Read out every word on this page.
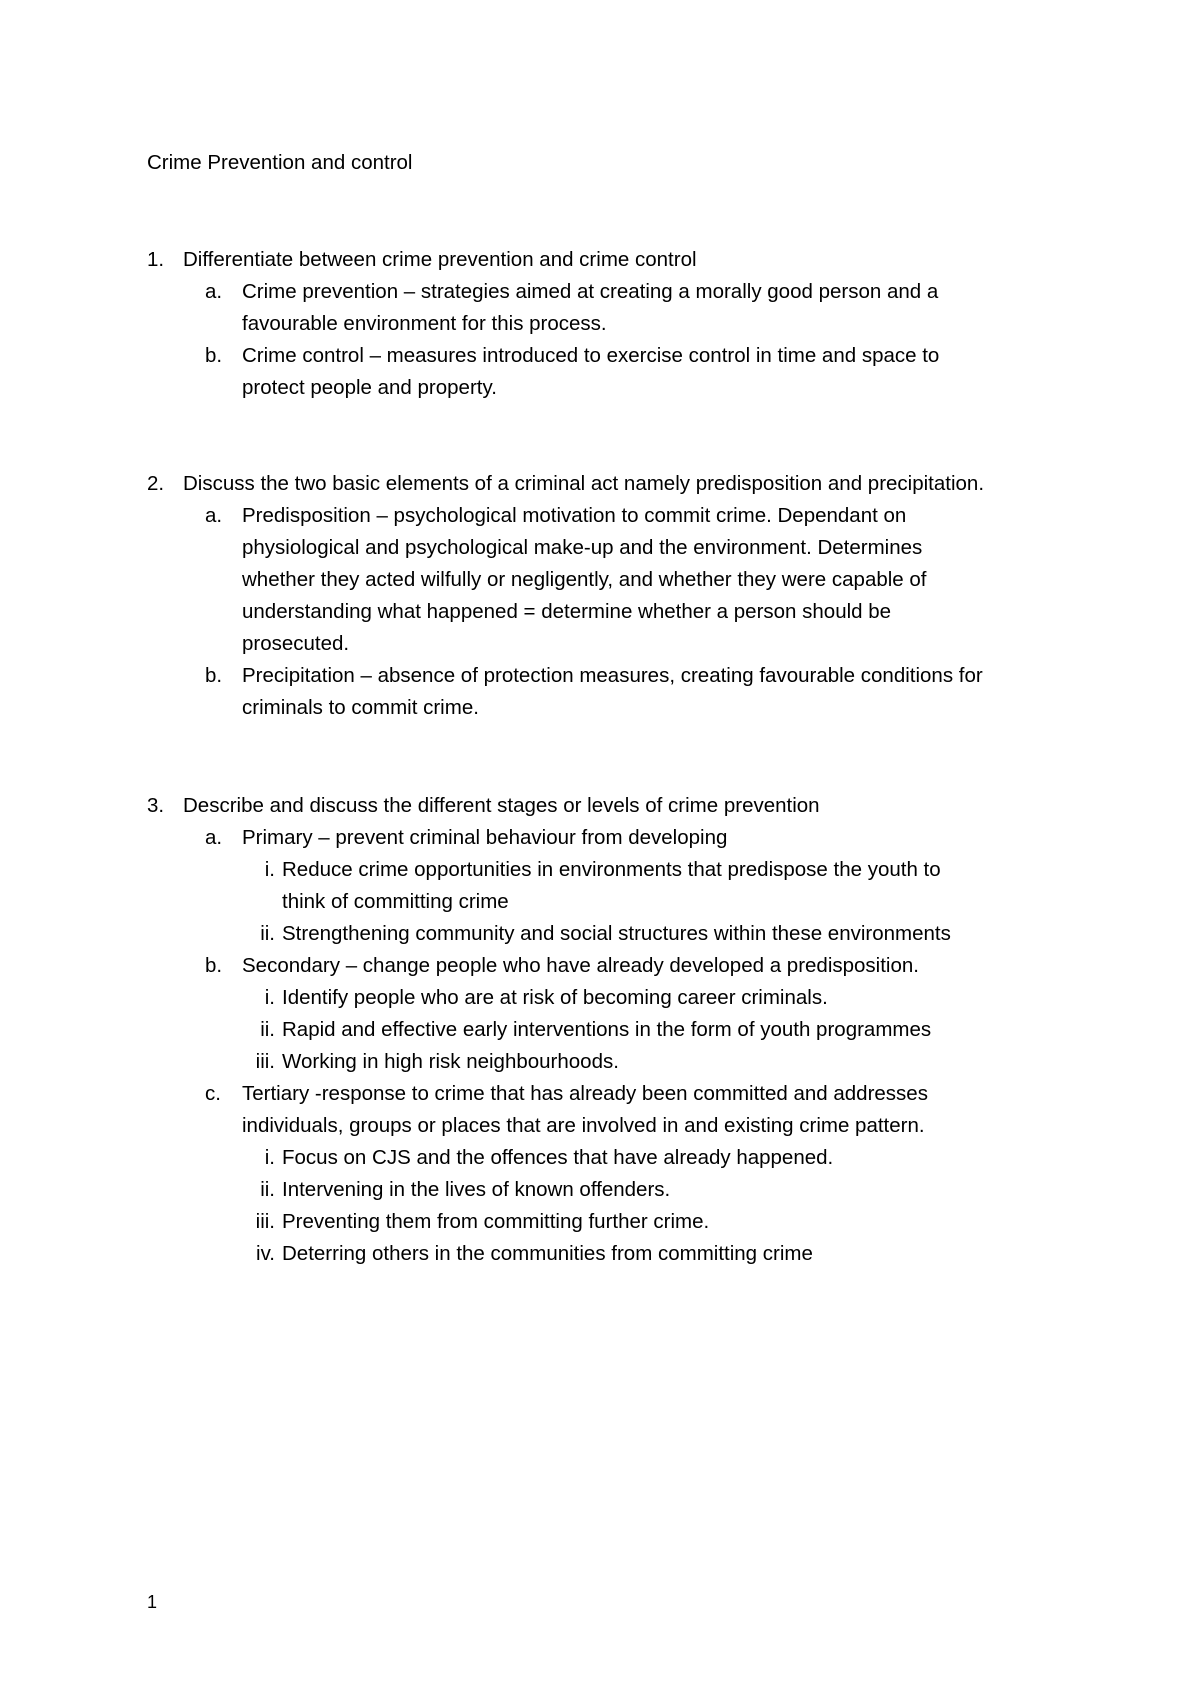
Crime Prevention and control
1. Differentiate between crime prevention and crime control
a. Crime prevention – strategies aimed at creating a morally good person and a
favourable environment for this process.
b. Crime control – measures introduced to exercise control in time and space to
protect people and property.
2. Discuss the two basic elements of a criminal act namely predisposition and precipitation.
a. Predisposition – psychological motivation to commit crime. Dependant on
physiological and psychological make-up and the environment. Determines
whether they acted wilfully or negligently, and whether they were capable of
understanding what happened = determine whether a person should be
prosecuted.
b. Precipitation – absence of protection measures, creating favourable conditions for
criminals to commit crime.
3. Describe and discuss the different stages or levels of crime prevention
a. Primary – prevent criminal behaviour from developing
i. Reduce crime opportunities in environments that predispose the youth to
think of committing crime
ii. Strengthening community and social structures within these environments
b. Secondary – change people who have already developed a predisposition.
i. Identify people who are at risk of becoming career criminals.
ii. Rapid and effective early interventions in the form of youth programmes
iii. Working in high risk neighbourhoods.
c.	Tertiary -response to crime that has already been committed and addresses
individuals, groups or places that are involved in and existing crime pattern.
i. Focus on CJS and the offences that have already happened.
ii. Intervening in the lives of known offenders.
iii. Preventing them from committing further crime.
iv. Deterring others in the communities from committing crime
1
